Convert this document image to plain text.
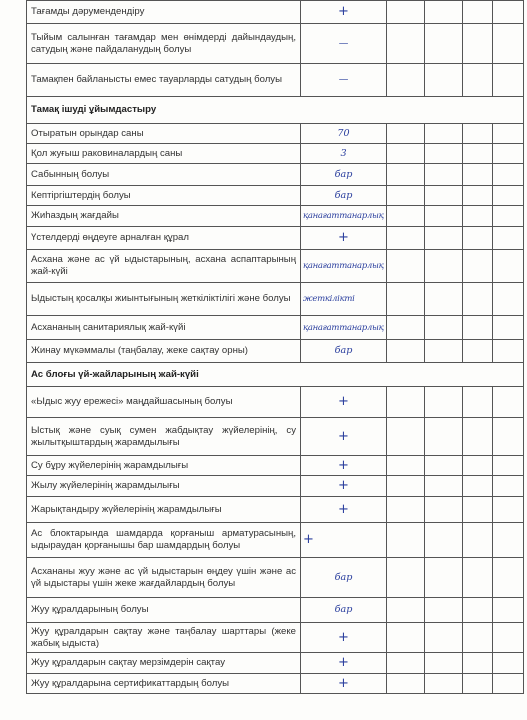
Тағамды дәрумендендіру	+				
Тыйым салынған тағамдар мен өнімдерді дайындаудың, сатудың және пайдаланудың болуы	—				
Тамақпен байланысты емес тауарларды сатудың болуы	—				
Тамақ ішуді ұйымдастыру					
Отыратын орындар саны	70				
Қол жуғыш раковиналардың саны	3				
Сабынның болуы	бар				
Кептіргіштердің болуы	бар				
Жиһаздың жағдайы	қанағаттанарлық				
Үстелдерді өңдеуге арналған құрал	+				
Асхана және ас үй ыдыстарының, асхана аспаптарының жай-күйі	қанағаттанарлық				
Ыдыстың қосалқы жиынтығының жеткіліктілігі және болуы	жеткілікті				
Асхананың санитариялық жай-күйі	қанағаттанарлық				
Жинау мүкәммалы (таңбалау, жеке сақтау орны)	бар				
Ас блоғы үй-жайларының жай-күйі					
«Ыдыс жуу ережесі» маңдайшасының болуы	+				
Ыстық және суық сумен жабдықтау жүйелерінің, су жылытқыштардың жарамдылығы	+				
Су бұру жүйелерінің жарамдылығы	+				
Жылу жүйелерінің жарамдылығы	+				
Жарықтандыру жүйелерінің жарамдылығы	+				
Ас блоктарында шамдарда қорғаныш арматурасының, ыдыраудан қорғанышы бар шамдардың болуы	+				
Асхананы жуу және ас үй ыдыстарын өңдеу үшін және ас үй ыдыстары үшін жеке жағдайлардың болуы	бар				
Жуу құралдарының болуы	бар				
Жуу құралдарын сақтау және таңбалау шарттары (жеке жабық ыдыста)	+				
Жуу құралдарын сақтау мерзімдерін сақтау	+				
Жуу құралдарына сертификаттардың болуы	+				
